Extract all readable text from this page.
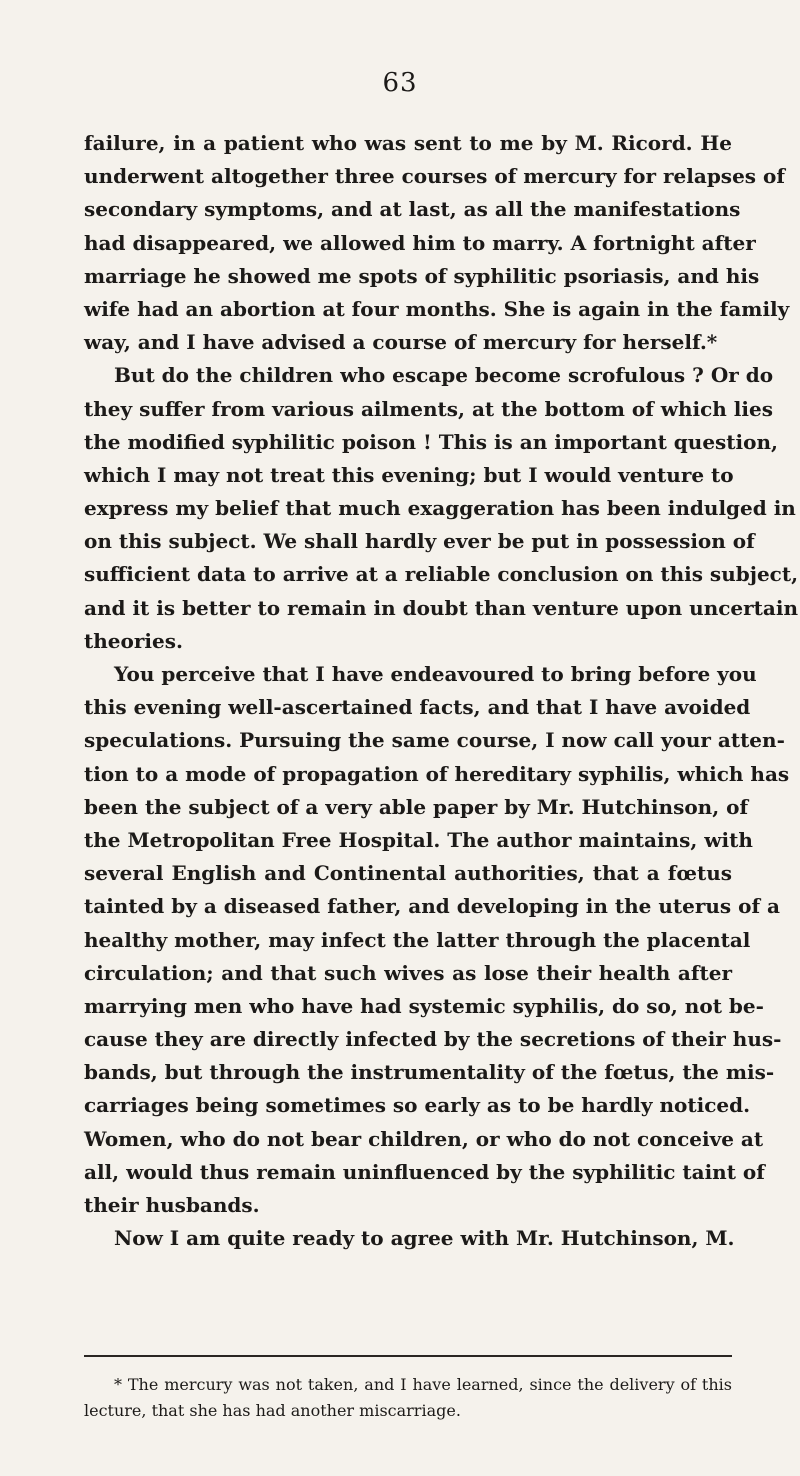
63
failure, in a patient who was sent to me by M. Ricord. He
underwent altogether three courses of mercury for relapses of
secondary symptoms, and at last, as all the manifestations
had disappeared, we allowed him to marry. A fortnight after
marriage he showed me spots of syphilitic psoriasis, and his
wife had an abortion at four months. She is again in the family
way, and I have advised a course of mercury for herself.*
But do the children who escape become scrofulous ? Or do
they suffer from various ailments, at the bottom of which lies
the modified syphilitic poison ! This is an important question,
which I may not treat this evening; but I would venture to
express my belief that much exaggeration has been indulged in
on this subject. We shall hardly ever be put in possession of
sufficient data to arrive at a reliable conclusion on this subject,
and it is better to remain in doubt than venture upon uncertain
theories.
You perceive that I have endeavoured to bring before you
this evening well-ascertained facts, and that I have avoided
speculations. Pursuing the same course, I now call your atten-
tion to a mode of propagation of hereditary syphilis, which has
been the subject of a very able paper by Mr. Hutchinson, of
the Metropolitan Free Hospital. The author maintains, with
several English and Continental authorities, that a fœtus
tainted by a diseased father, and developing in the uterus of a
healthy mother, may infect the latter through the placental
circulation; and that such wives as lose their health after
marrying men who have had systemic syphilis, do so, not be-
cause they are directly infected by the secretions of their hus-
bands, but through the instrumentality of the fœtus, the mis-
carriages being sometimes so early as to be hardly noticed.
Women, who do not bear children, or who do not conceive at
all, would thus remain uninfluenced by the syphilitic taint of
their husbands.
Now I am quite ready to agree with Mr. Hutchinson, M.
* The mercury was not taken, and I have learned, since the delivery of this
lecture, that she has had another miscarriage.
